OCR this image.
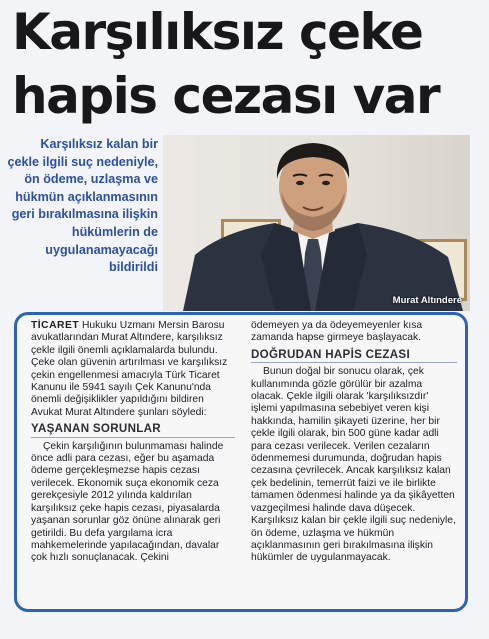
Karşılıksız çeke
hapis cezası var
Karşılıksız kalan bir çekle ilgili suç nedeniyle, ön ödeme, uzlaşma ve hükmün açıklanmasının geri bırakılmasına ilişkin hükümlerin de uygulanamayacağı bildirildi
Murat Altındere

TİCARET Hukuku Uzmanı Mersin Barosu avukatlarından Murat Altındere, karşılıksız çekle ilgili önemli açıklamalarda bulundu. Çeke olan güvenin artırılması ve karşılıksız çekin engellenmesi amacıyla Türk Ticaret Kanunu ile 5941 sayılı Çek Kanunu'nda önemli değişiklikler yapıldığını bildiren Avukat Murat Altındere şunları söyledi:

YAŞANAN SORUNLAR

Çekin karşılığının bulunmaması halinde önce adli para cezası, eğer bu aşamada ödeme gerçekleşmezse hapis cezası verilecek. Ekonomik suça ekonomik ceza gerekçesiyle 2012 yılında kaldırılan karşılıksız çeke hapis cezası, piyasalarda yaşanan sorunlar göz önüne alınarak geri getirildi. Bu defa yargılama icra mahkemelerinde yapılacağından, davalar çok hızlı sonuçlanacak. Çekini

ödemeyen ya da ödeyemeyenler kısa zamanda hapse girmeye başlayacak.

DOĞRUDAN HAPİS CEZASI

Bunun doğal bir sonucu olarak, çek kullanımında gözle görülür bir azalma olacak. Çekle ilgili olarak 'karşılıksızdır' işlemi yapılmasına sebebiyet veren kişi hakkında, hamilin şikayeti üzerine, her bir çekle ilgili olarak, bin 500 güne kadar adli para cezası verilecek. Verilen cezaların ödenmemesi durumunda, doğrudan hapis cezasına çevrilecek. Ancak karşılıksız kalan çek bedelinin, temerrüt faizi ve ile birlikte tamamen ödenmesi halinde ya da şikâyetten vazgeçilmesi halinde dava düşecek. Karşılıksız kalan bir çekle ilgili suç nedeniyle, ön ödeme, uzlaşma ve hükmün açıklanmasının geri bırakılmasına ilişkin hükümler de uygulanmayacak.
